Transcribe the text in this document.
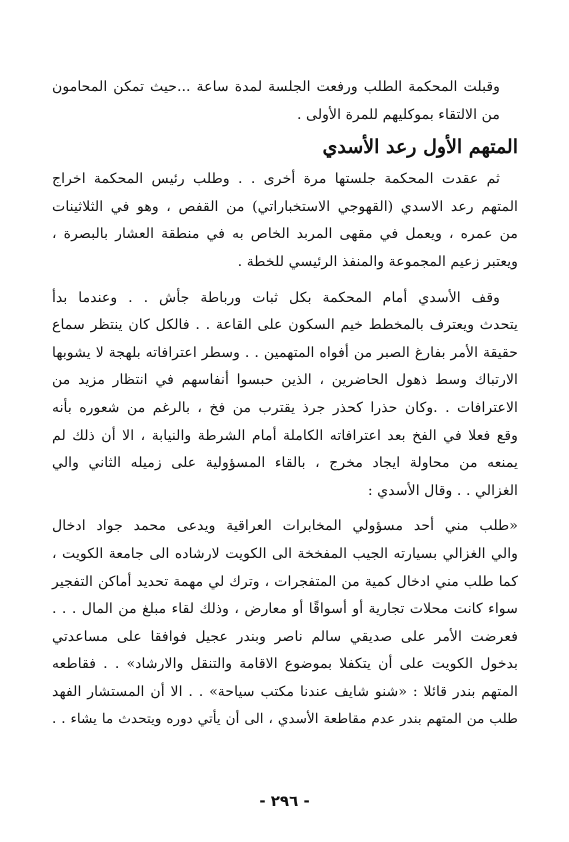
وقبلت المحكمة الطلب ورفعت الجلسة لمدة ساعة ...حيث تمكن المحامون
من الالتقاء بموكليهم للمرة الأولى .

المتهم الأول رعد الأسدي

ثم عقدت المحكمة جلستها مرة أخرى . . وطلب رئيس المحكمة اخراج
المتهم رعد الاسدي (القهوجي الاستخباراتي) من القفص ، وهو في الثلاثينات
من عمره ، ويعمل في مقهى المربد الخاص به في منطقة العشار بالبصرة ،
ويعتبر زعيم المجموعة والمنفذ الرئيسي للخطة .

وقف الأسدي أمام المحكمة بكل ثبات ورباطة جأش . . وعندما بدأ
يتحدث ويعترف بالمخطط خيم السكون على القاعة . . فالكل كان ينتظر سماع
حقيقة الأمر بفارغ الصبر من أفواه المتهمين . . وسطر اعترافاته بلهجة لا يشوبها
الارتباك وسط ذهول الحاضرين ، الذين حبسوا أنفاسهم في انتظار مزيد من
الاعترافات . .وكان حذرا كحذر جرذ يقترب من فخ ، بالرغم من شعوره بأنه
وقع فعلا في الفخ بعد اعترافاته الكاملة أمام الشرطة والنيابة ، الا أن ذلك لم
يمنعه من محاولة ايجاد مخرج ، بالقاء المسؤولية على زميله الثاني والي
الغزالي . . وقال الأسدي :

«طلب مني أحد مسؤولي المخابرات العراقية ويدعى محمد جواد ادخال
والي الغزالي بسيارته الجيب المفخخة الى الكويت لارشاده الى جامعة الكويت ،
كما طلب مني ادخال كمية من المتفجرات ، وترك لي مهمة تحديد أماكن التفجير
سواء كانت محلات تجارية أو أسواقًا أو معارض ، وذلك لقاء مبلغ من المال . . .
فعرضت الأمر على صديقي سالم ناصر وبندر عجيل فوافقا على مساعدتي
بدخول الكويت على أن يتكفلا بموضوع الاقامة والتنقل والارشاد» . . فقاطعه
المتهم بندر قائلا : «شنو شايف عندنا مكتب سياحة» . . الا أن المستشار الفهد
طلب من المتهم بندر عدم مقاطعة الأسدي ، الى أن يأتي دوره ويتحدث ما يشاء . .

- ٢٩٦ -
